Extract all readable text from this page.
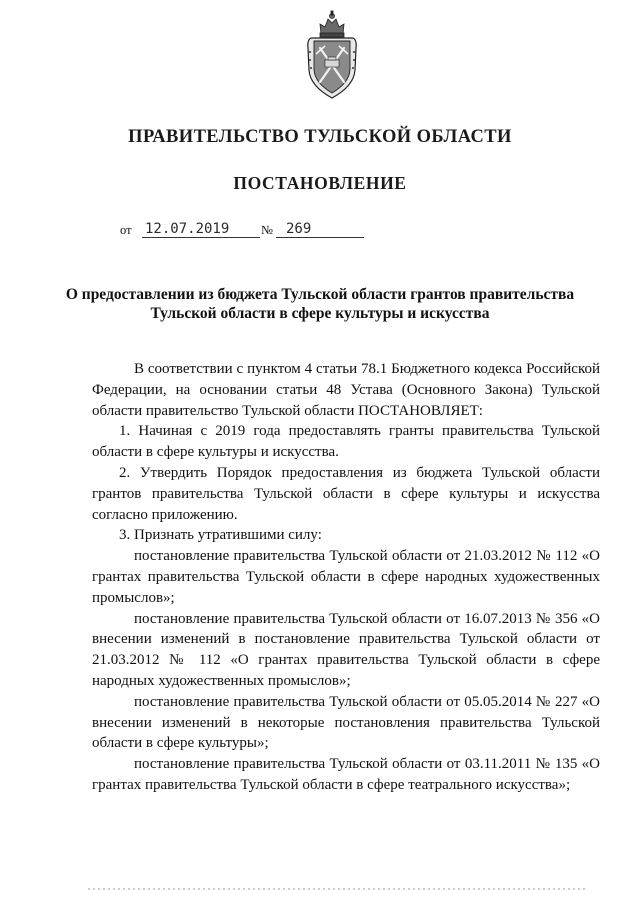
ПРАВИТЕЛЬСТВО ТУЛЬСКОЙ ОБЛАСТИ
ПОСТАНОВЛЕНИЕ
от 12.07.2019	№ 269
О предоставлении из бюджета Тульской области грантов правительства
Тульской области в сфере культуры и искусства

В соответствии с пунктом 4 статьи 78.1 Бюджетного кодекса Российской Федерации, на основании статьи 48 Устава (Основного Закона) Тульской области правительство Тульской области ПОСТАНОВЛЯЕТ:

1. Начиная с 2019 года предоставлять гранты правительства Тульской области в сфере культуры и искусства.

2. Утвердить Порядок предоставления из бюджета Тульской области грантов правительства Тульской области в сфере культуры и искусства согласно приложению.

3. Признать утратившими силу:

постановление правительства Тульской области от 21.03.2012 № 112 «О грантах правительства Тульской области в сфере народных художественных промыслов»;

постановление правительства Тульской области от 16.07.2013 № 356 «О внесении изменений в постановление правительства Тульской области от 21.03.2012 № 112 «О грантах правительства Тульской области в сфере народных художественных промыслов»;

постановление правительства Тульской области от 05.05.2014 № 227 «О внесении изменений в некоторые постановления правительства Тульской области в сфере культуры»;

постановление правительства Тульской области от 03.11.2011 № 135 «О грантах правительства Тульской области в сфере театрального искусства»;
